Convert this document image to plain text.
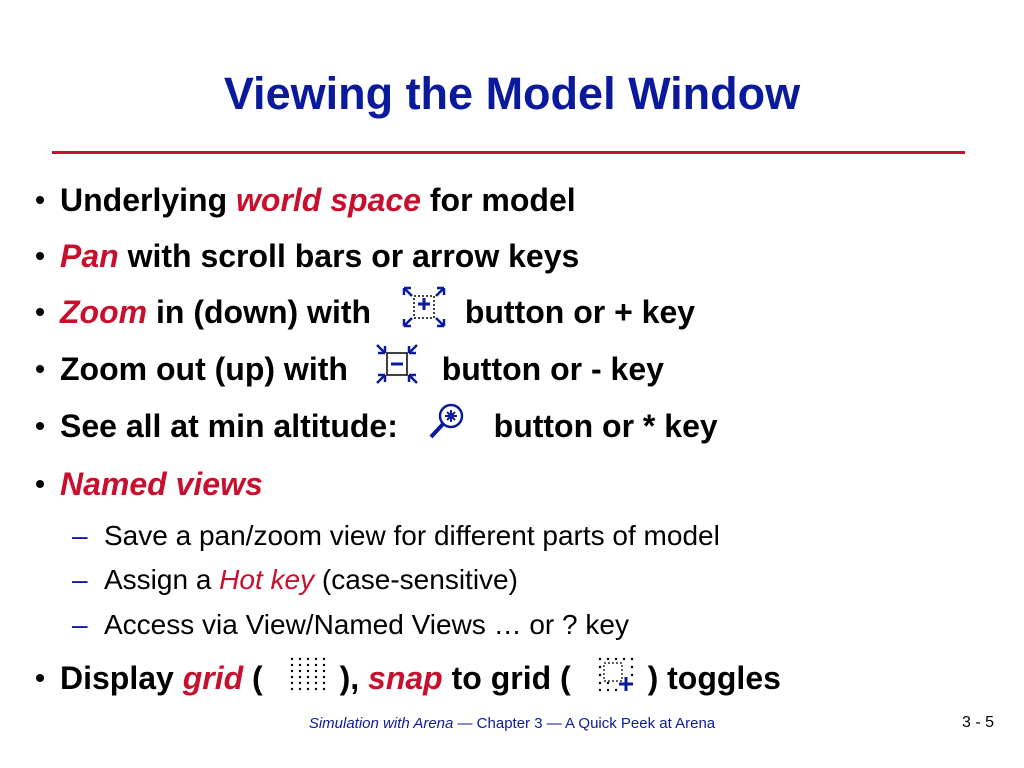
Viewing the Model Window
• Underlying world space for model
• Pan with scroll bars or arrow keys
• Zoom in (down) with  button or + key
• Zoom out (up) with  button or - key
• See all at min altitude:  button or * key
• Named views
– Save a pan/zoom view for different parts of model
– Assign a Hot key (case-sensitive)
– Access via View/Named Views … or ? key
• Display grid ( ), snap to grid ( ) toggles
Simulation with Arena — Chapter 3 — A Quick Peek at Arena	3 - 5
